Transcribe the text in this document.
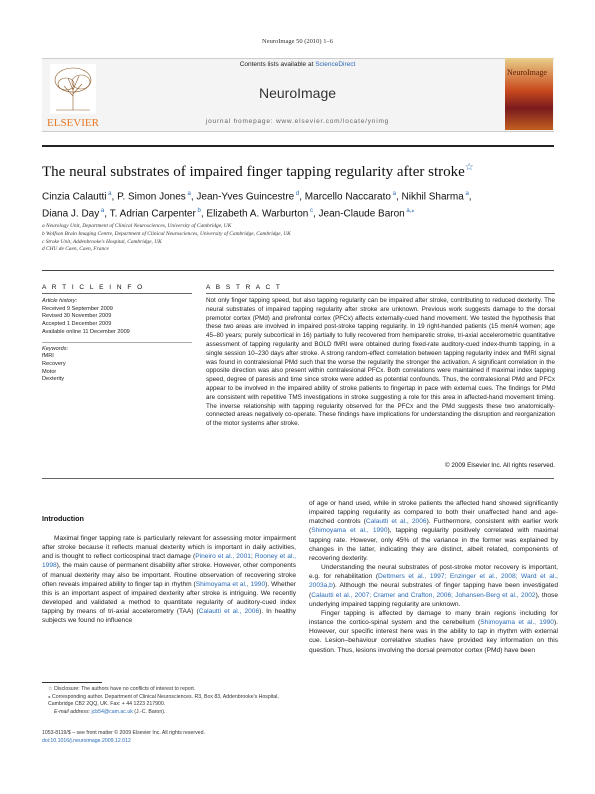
NeuroImage 50 (2010) 1–6
ELSEVIER
Contents lists available at ScienceDirect
NeuroImage
journal homepage: www.elsevier.com/locate/ynimg
NeuroImage
The neural substrates of impaired finger tapping regularity after stroke☆
Cinzia Calautti $^a$, P. Simon Jones $^a$, Jean-Yves Guincestre $^d$, Marcello Naccarato $^a$, Nikhil Sharma $^a$,
Diana J. Day $^a$, T. Adrian Carpenter $^b$, Elizabeth A. Warburton $^c$, Jean-Claude Baron $^{a,⁎}$
a Neurology Unit, Department of Clinical Neurosciences, University of Cambridge, UK
b Wolfson Brain Imaging Centre, Department of Clinical Neurosciences, University of Cambridge, Cambridge, UK
c Stroke Unit, Addenbrooke's Hospital, Cambridge, UK
d CHU de Caen, Caen, France
A R T I C L E I N F O	A B S T R A C T
Article history:
Received 9 September 2009
Revised 30 November 2009
Accepted 1 December 2009
Available online 11 December 2009
Keywords:
fMRI
Recovery
Motor
Dexterity
Not only finger tapping speed, but also tapping regularity can be impaired after stroke, contributing to reduced dexterity. The neural substrates of impaired tapping regularity after stroke are unknown. Previous work suggests damage to the dorsal premotor cortex (PMd) and prefrontal cortex (PFCx) affects externally-cued hand movement. We tested the hypothesis that these two areas are involved in impaired post-stroke tapping regularity. In 19 right-handed patients (15 men/4 women; age 45–80 years; purely subcortical in 16) partially to fully recovered from hemiparetic stroke, tri-axial accelerometric quantitative assessment of tapping regularity and BOLD fMRI were obtained during fixed-rate auditory-cued index-thumb tapping, in a single session 10–230 days after stroke. A strong random-effect correlation between tapping regularity index and fMRI signal was found in contralesional PMd such that the worse the regularity the stronger the activation. A significant correlation in the opposite direction was also present within contralesional PFCx. Both correlations were maintained if maximal index tapping speed, degree of paresis and time since stroke were added as potential confounds. Thus, the contralesional PMd and PFCx appear to be involved in the impaired ability of stroke patients to fingertap in pace with external cues. The findings for PMd are consistent with repetitive TMS investigations in stroke suggesting a role for this area in affected-hand movement timing. The inverse relationship with tapping regularity observed for the PFCx and the PMd suggests these two anatomically-connected areas negatively co-operate. These findings have implications for understanding the disruption and reorganization of the motor systems after stroke.
© 2009 Elsevier Inc. All rights reserved.
Introduction

Maximal finger tapping rate is particularly relevant for assessing motor impairment after stroke because it reflects manual dexterity which is important in daily activities, and is thought to reflect corticospinal tract damage (Pineiro et al., 2001; Rooney et al., 1998), the main cause of permanent disability after stroke. However, other components of manual dexterity may also be important. Routine observation of recovering stroke often reveals impaired ability to finger tap in rhythm (Shimoyama et al., 1990). Whether this is an important aspect of impaired dexterity after stroke is intriguing. We recently developed and validated a method to quantitate regularity of auditory-cued index tapping by means of tri-axial accelerometry (TAA) (Calautti et al., 2006). In healthy subjects we found no influence

of age or hand used, while in stroke patients the affected hand showed significantly impaired tapping regularity as compared to both their unaffected hand and age-matched controls (Calautti et al., 2006). Furthermore, consistent with earlier work (Shimoyama et al., 1990), tapping regularity positively correlated with maximal tapping rate. However, only 45% of the variance in the former was explained by changes in the latter, indicating they are distinct, albeit related, components of recovering dexterity.

Understanding the neural substrates of post-stroke motor recovery is important, e.g. for rehabilitation (Dettmers et al., 1997; Enzinger et al., 2008; Ward et al., 2003a,b). Although the neural substrates of finger tapping have been investigated (Calautti et al., 2007; Cramer and Crafton, 2006; Johansen-Berg et al., 2002), those underlying impaired tapping regularity are unknown.

Finger tapping is affected by damage to many brain regions including for instance the cortico-spinal system and the cerebellum (Shimoyama et al., 1990). However, our specific interest here was in the ability to tap in rhythm with external cue. Lesion–behaviour correlative studies have provided key information on this question. Thus, lesions involving the dorsal premotor cortex (PMd) have been

☆ Disclosure: The authors have no conflicts of interest to report.
⁎ Corresponding author. Department of Clinical Neurosciences. R3, Box 83, Addenbrooke's Hospital, Cambridge CB2 2QQ, UK. Fax: + 44 1223 217900.
E-mail address: jcb54@cam.ac.uk (J.-C. Baron).
1053-8119/$ – see front matter © 2009 Elsevier Inc. All rights reserved.
doi:10.1016/j.neuroimage.2009.12.012
